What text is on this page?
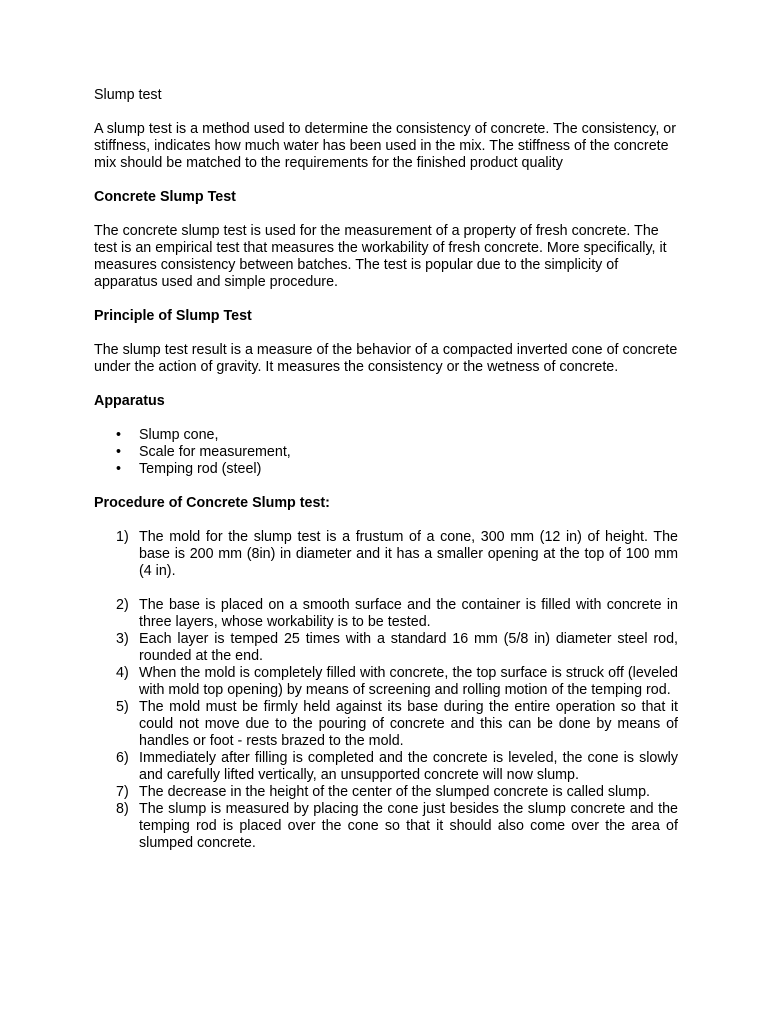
Slump test

A slump test is a method used to determine the consistency of concrete. The consistency, or stiffness, indicates how much water has been used in the mix. The stiffness of the concrete mix should be matched to the requirements for the finished product quality

Concrete Slump Test

The concrete slump test is used for the measurement of a property of fresh concrete. The test is an empirical test that measures the workability of fresh concrete. More specifically, it measures consistency between batches. The test is popular due to the simplicity of apparatus used and simple procedure.

Principle of Slump Test

The slump test result is a measure of the behavior of a compacted inverted cone of concrete under the action of gravity. It measures the consistency or the wetness of concrete.

Apparatus

• Slump cone,
• Scale for measurement,
• Temping rod (steel)

Procedure of Concrete Slump test:

1) The mold for the slump test is a frustum of a cone, 300 mm (12 in) of height. The base is 200 mm (8in) in diameter and it has a smaller opening at the top of 100 mm (4 in).
2) The base is placed on a smooth surface and the container is filled with concrete in three layers, whose workability is to be tested.
3) Each layer is temped 25 times with a standard 16 mm (5/8 in) diameter steel rod, rounded at the end.
4) When the mold is completely filled with concrete, the top surface is struck off (leveled with mold top opening) by means of screening and rolling motion of the temping rod.
5) The mold must be firmly held against its base during the entire operation so that it could not move due to the pouring of concrete and this can be done by means of handles or foot - rests brazed to the mold.
6) Immediately after filling is completed and the concrete is leveled, the cone is slowly and carefully lifted vertically, an unsupported concrete will now slump.
7) The decrease in the height of the center of the slumped concrete is called slump.
8) The slump is measured by placing the cone just besides the slump concrete and the temping rod is placed over the cone so that it should also come over the area of slumped concrete.
